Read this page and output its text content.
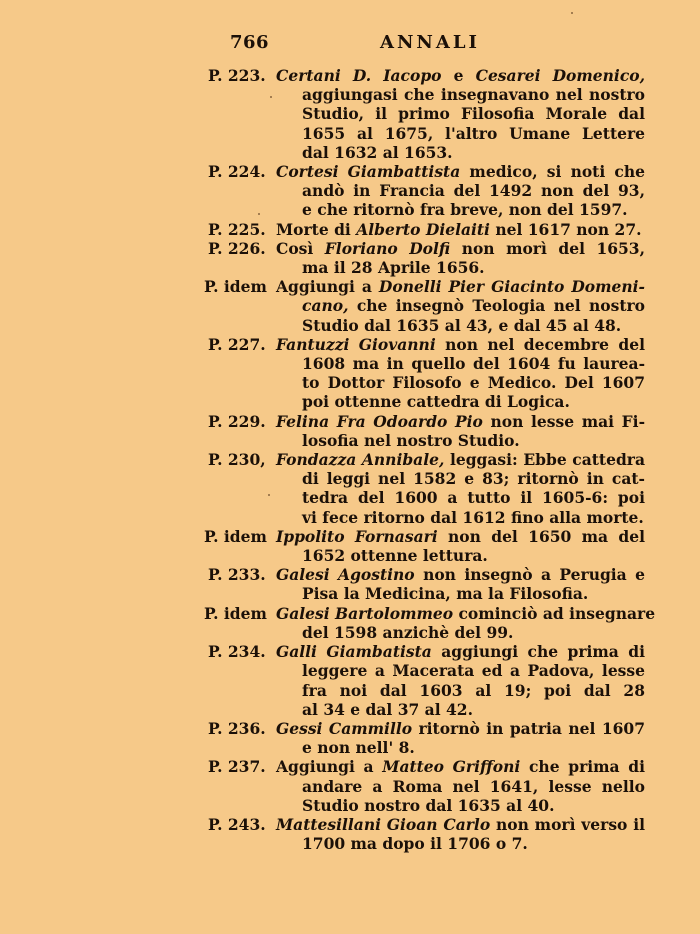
766	ANNALI
P. 223. Certani D. Iacopo e Cesarei Domenico,
aggiungasi che insegnavano nel nostro
Studio, il primo Filosofia Morale dal
1655 al 1675, l'altro Umane Lettere
dal 1632 al 1653.
P. 224. Cortesi Giambattista medico, si noti che
andò in Francia del 1492 non del 93,
e che ritornò fra breve, non del 1597.
P. 225. Morte di Alberto Dielaiti nel 1617 non 27.
P. 226. Così Floriano Dolfi non morì del 1653,
ma il 28 Aprile 1656.
P. idem Aggiungi a Donelli Pier Giacinto Domeni-
cano, che insegnò Teologia nel nostro
Studio dal 1635 al 43, e dal 45 al 48.
P. 227. Fantuzzi Giovanni non nel decembre del
1608 ma in quello del 1604 fu laurea-
to Dottor Filosofo e Medico. Del 1607
poi ottenne cattedra di Logica.
P. 229. Felina Fra Odoardo Pio non lesse mai Fi-
losofia nel nostro Studio.
P. 230, Fondazza Annibale, leggasi: Ebbe cattedra
di leggi nel 1582 e 83; ritornò in cat-
tedra del 1600 a tutto il 1605-6: poi
vi fece ritorno dal 1612 fino alla morte.
P. idem Ippolito Fornasari non del 1650 ma del
1652 ottenne lettura.
P. 233. Galesi Agostino non insegnò a Perugia e
Pisa la Medicina, ma la Filosofia.
P. idem Galesi Bartolommeo cominciò ad insegnare
del 1598 anzichè del 99.
P. 234. Galli Giambatista aggiungi che prima di
leggere a Macerata ed a Padova, lesse
fra noi dal 1603 al 19; poi dal 28
al 34 e dal 37 al 42.
P. 236. Gessi Cammillo ritornò in patria nel 1607
e non nell' 8.
P. 237. Aggiungi a Matteo Griffoni che prima di
andare a Roma nel 1641, lesse nello
Studio nostro dal 1635 al 40.
P. 243. Mattesillani Gioan Carlo non morì verso il
1700 ma dopo il 1706 o 7.
